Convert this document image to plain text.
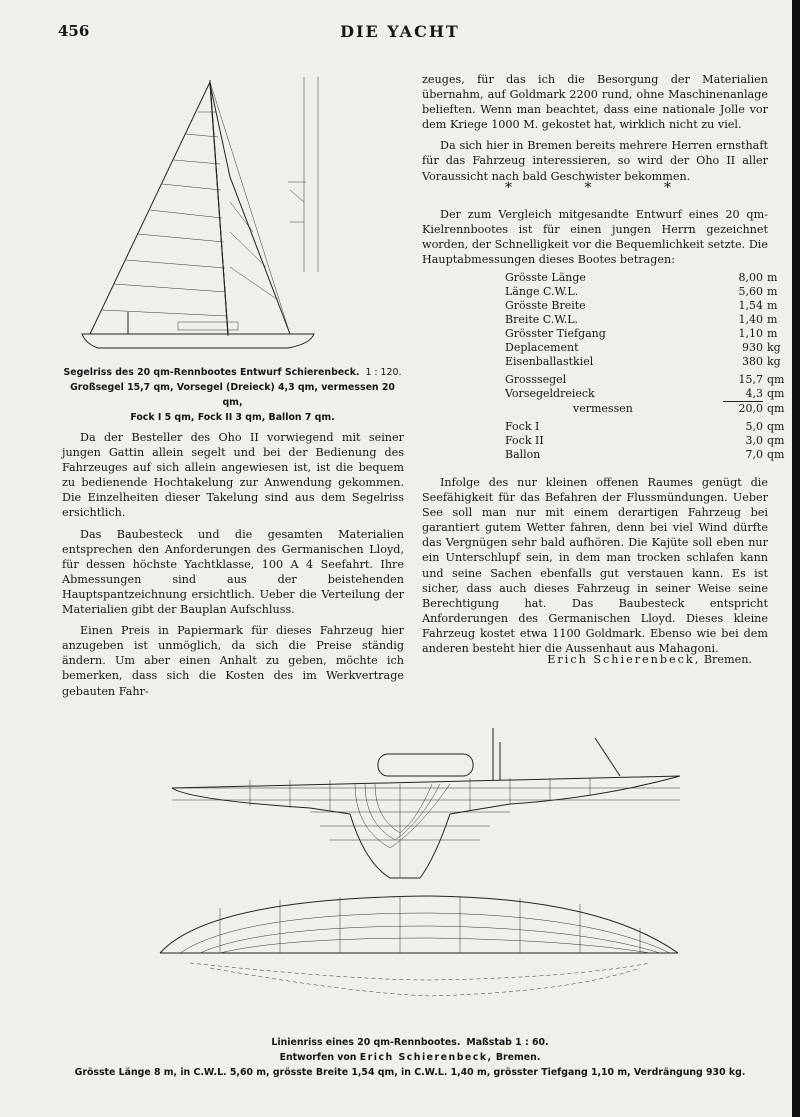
456	DIE YACHT
Segelriss des 20 qm-Rennbootes Entwurf Schierenbeck. 1 : 120.
Großsegel 15,7 qm, Vorsegel (Dreieck) 4,3 qm, vermessen 20 qm,
Fock I 5 qm, Fock II 3 qm, Ballon 7 qm.

Da der Besteller des Oho II vorwiegend mit seiner jungen Gattin allein segelt und bei der Bedienung des Fahrzeuges auf sich allein angewiesen ist, ist die bequem zu bedienende Hochtakelung zur Anwendung gekommen. Die Einzelheiten dieser Takelung sind aus dem Segelriss ersichtlich.

Das Baubesteck und die gesamten Materialien entsprechen den Anforderungen des Germanischen Lloyd, für dessen höchste Yachtklasse, 100 A 4 Seefahrt. Ihre Abmessungen sind aus der beistehenden Hauptspantzeichnung ersichtlich. Ueber die Verteilung der Materialien gibt der Bauplan Aufschluss.

Einen Preis in Papiermark für dieses Fahrzeug hier anzugeben ist unmöglich, da sich die Preise ständig ändern. Um aber einen Anhalt zu geben, möchte ich bemerken, dass sich die Kosten des im Werkvertrage gebauten Fahr-

zeuges, für das ich die Besorgung der Materialien übernahm, auf Goldmark 2200 rund, ohne Maschinenanlage belieften. Wenn man beachtet, dass eine nationale Jolle vor dem Kriege 1000 M. gekostet hat, wirklich nicht zu viel.

Da sich hier in Bremen bereits mehrere Herren ernsthaft für das Fahrzeug interessieren, so wird der Oho II aller Voraussicht nach bald Geschwister bekommen.

* * *

Der zum Vergleich mitgesandte Entwurf eines 20 qm-Kielrennbootes ist für einen jungen Herrn gezeichnet worden, der Schnelligkeit vor die Bequemlichkeit setzte. Die Hauptabmessungen dieses Bootes betragen:

Grösste Länge	8,00	m
Länge C.W.L.	5,60	m
Grösste Breite	1,54	m
Breite C.W.L.	1,40	m
Grösster Tiefgang	1,10	m
Deplacement	930	kg
Eisenballastkiel	380	kg

Grosssegel	15,7	qm
Vorsegeldreieck	4,3	qm
vermessen	20,0	qm

Fock I	5,0	qm
Fock II	3,0	qm
Ballon	7,0	qm

Infolge des nur kleinen offenen Raumes genügt die Seefähigkeit für das Befahren der Flussmündungen. Ueber See soll man nur mit einem derartigen Fahrzeug bei garantiert gutem Wetter fahren, denn bei viel Wind dürfte das Vergnügen sehr bald aufhören. Die Kajüte soll eben nur ein Unterschlupf sein, in dem man trocken schlafen kann und seine Sachen ebenfalls gut verstauen kann. Es ist sicher, dass auch dieses Fahrzeug in seiner Weise seine Berechtigung hat. Das Baubesteck entspricht Anforderungen des Germanischen Lloyd. Dieses kleine Fahrzeug kostet etwa 1100 Goldmark. Ebenso wie bei dem anderen besteht hier die Aussenhaut aus Mahagoni.

Erich Schierenbeck, Bremen.
Linienriss eines 20 qm-Rennbootes. Maßstab 1 : 60.
Entworfen von Erich Schierenbeck, Bremen.
Grösste Länge 8 m, in C.W.L. 5,60 m, grösste Breite 1,54 qm, in C.W.L. 1,40 m, grösster Tiefgang 1,10 m, Verdrängung 930 kg.
